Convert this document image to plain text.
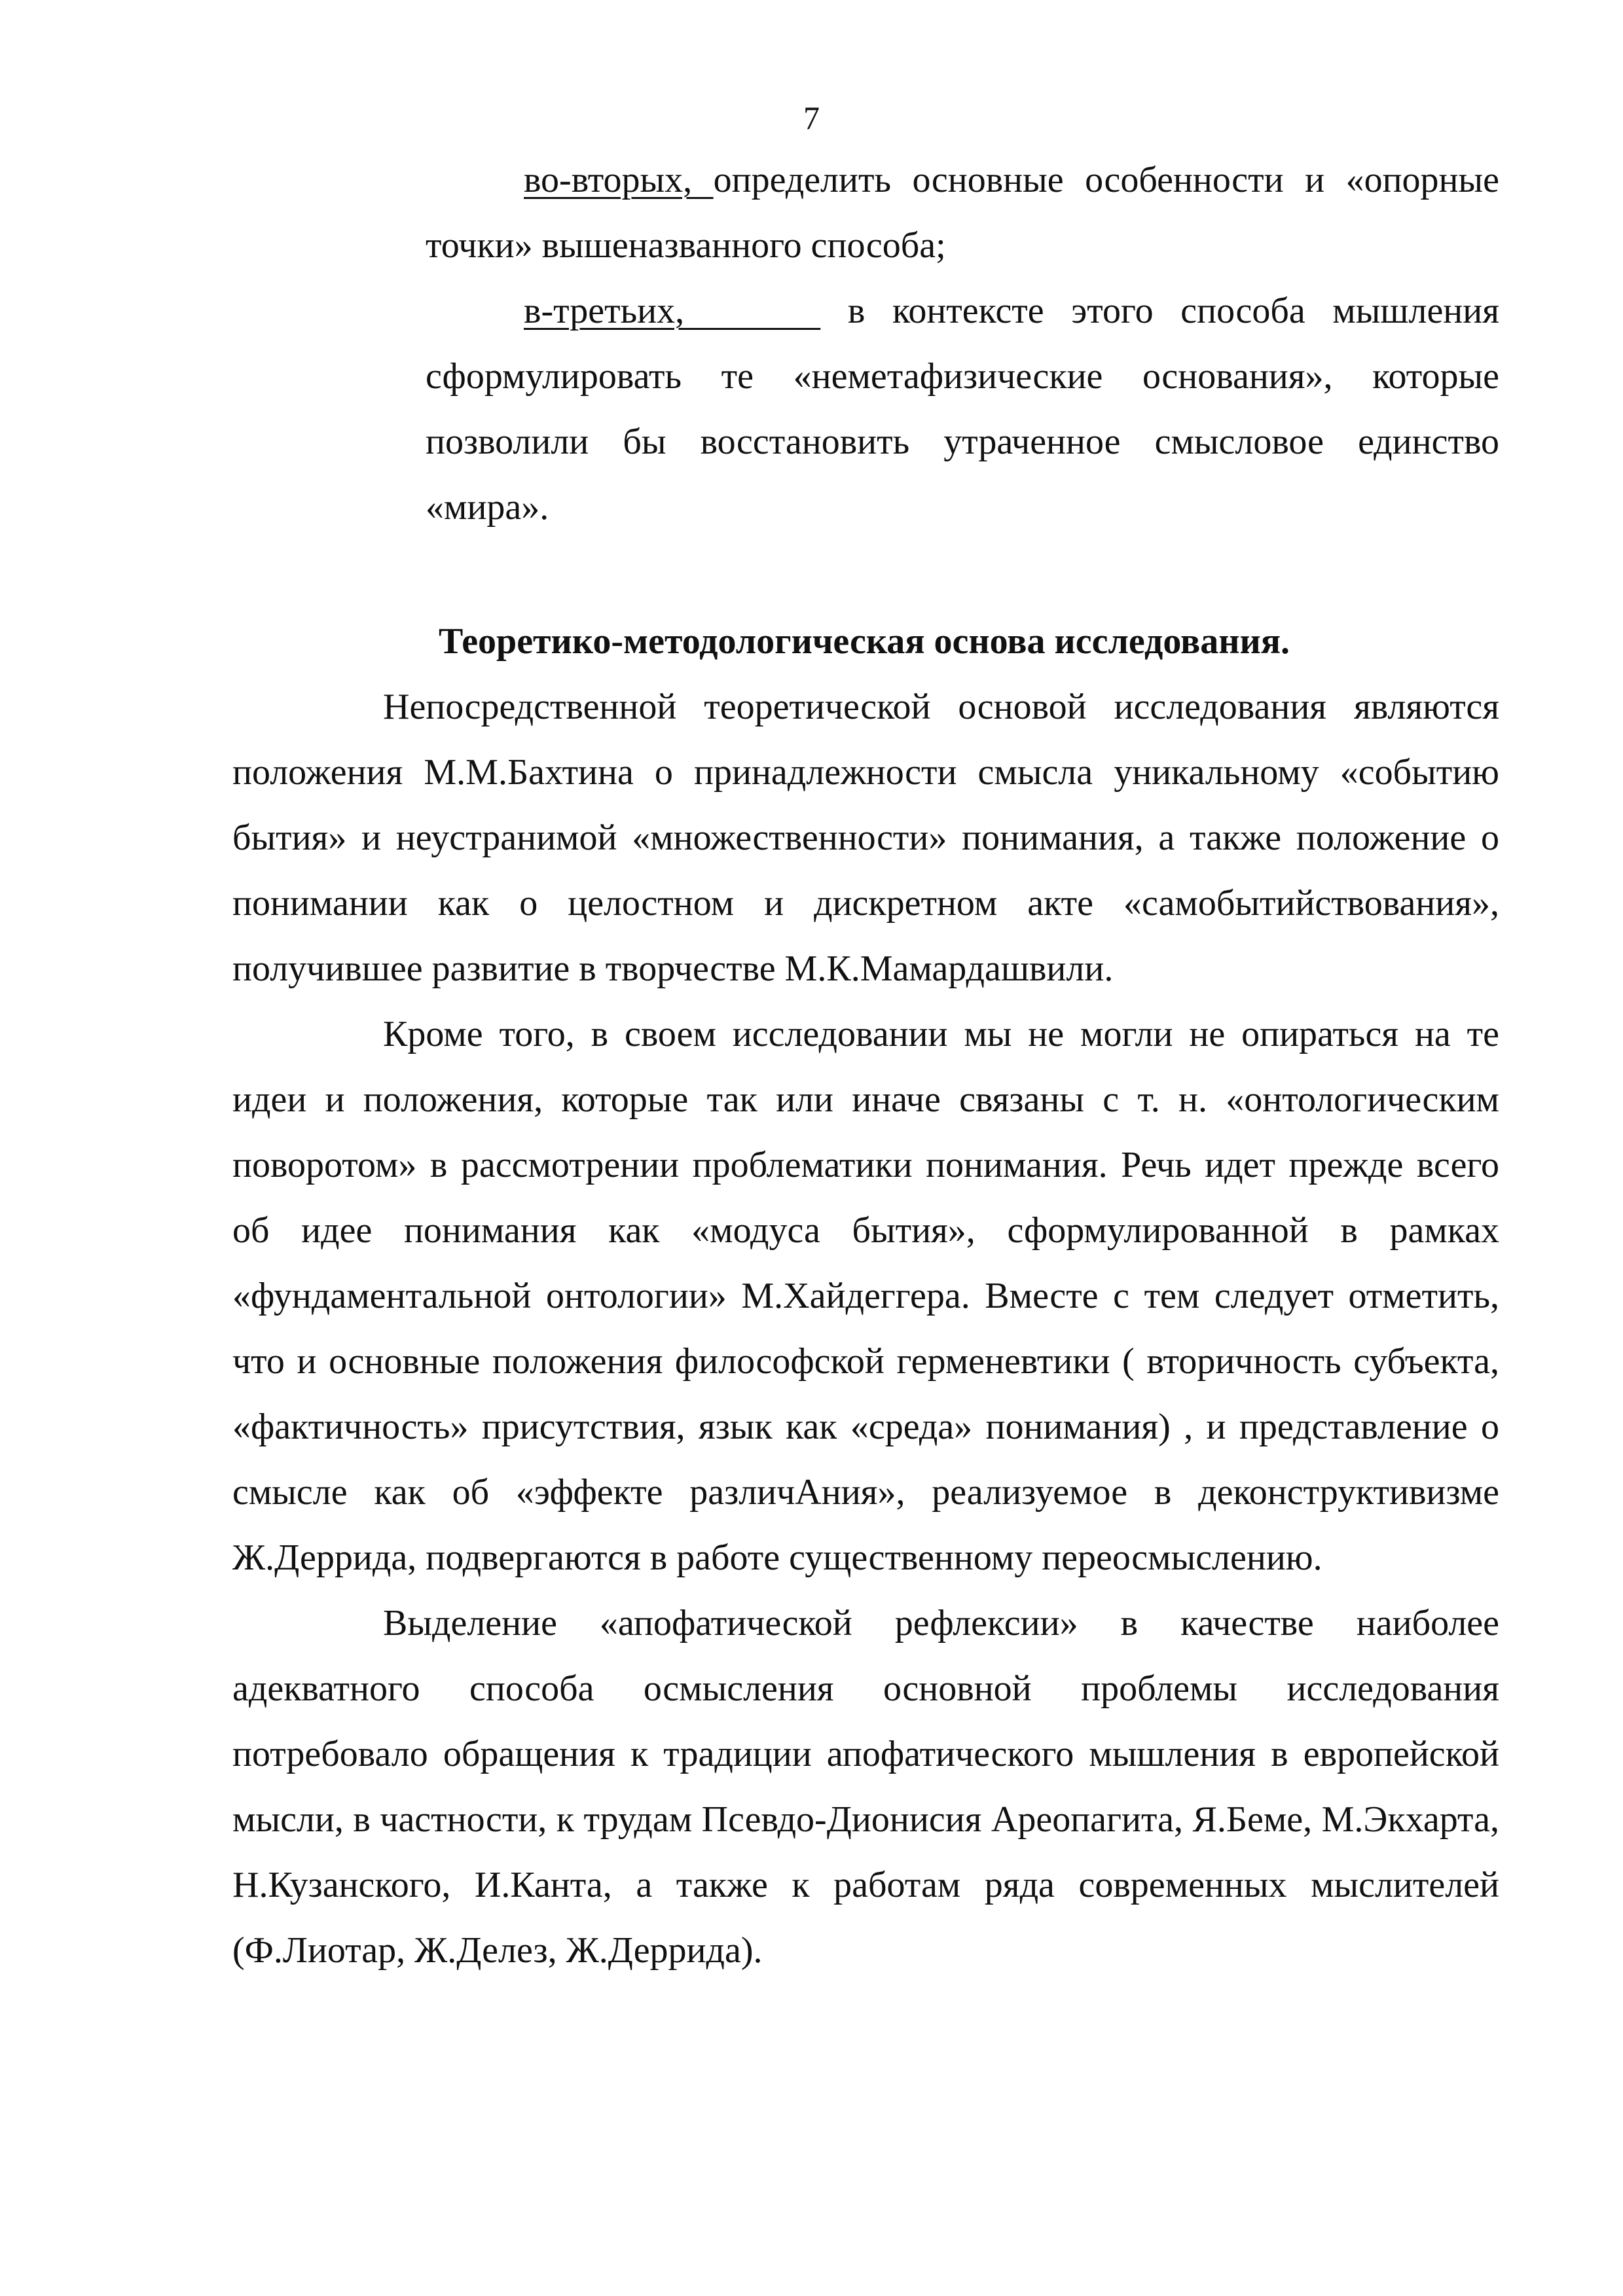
7

во-вторых, определить основные особенности и «опорные точки» вышеназванного способа;

в-третьих,      в контексте этого способа мышления сформулировать те «неметафизические основания», которые позволили бы восстановить утраченное смысловое единство «мира».

Теоретико-методологическая основа исследования.

Непосредственной теоретической основой исследования являются положения М.М.Бахтина о принадлежности смысла уникальному «событию бытия» и неустранимой «множественности» понимания, а также положение о понимании как о целостном и дискретном акте «самобытийствования», получившее развитие в творчестве М.К.Мамардашвили.

Кроме того, в своем исследовании мы не могли не опираться на те идеи и положения, которые так или иначе связаны с т. н. «онтологическим поворотом» в рассмотрении проблематики понимания. Речь идет прежде всего об идее понимания как «модуса бытия», сформулированной в рамках «фундаментальной онтологии» М.Хайдеггера. Вместе с тем следует отметить, что и основные положения философской герменевтики ( вторичность субъекта, «фактичность» присутствия, язык как «среда» понимания) , и представление о смысле как об «эффекте различАния», реализуемое в деконструктивизме Ж.Деррида, подвергаются в работе существенному переосмыслению.

Выделение «апофатической рефлексии» в качестве наиболее адекватного способа осмысления основной проблемы исследования потребовало обращения к традиции апофатического мышления в европейской мысли, в частности, к трудам Псевдо-Дионисия Ареопагита, Я.Беме, М.Экхарта, Н.Кузанского, И.Канта, а также к работам ряда современных мыслителей (Ф.Лиотар, Ж.Делез, Ж.Деррида).
